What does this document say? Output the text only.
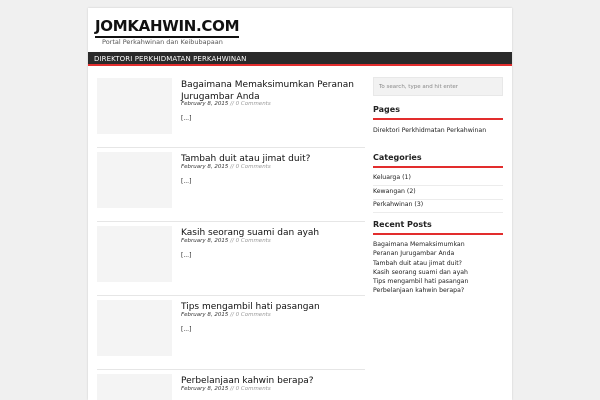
JOMKAHWIN.COM
Portal Perkahwinan dan Keibubapaan
DIREKTORI PERKHIDMATAN PERKAHWINAN
Bagaimana Memaksimumkan Peranan Jurugambar Anda
February 8, 2015 // 0 Comments
[...]
Tambah duit atau jimat duit?
February 8, 2015 // 0 Comments
[...]
Kasih seorang suami dan ayah
February 8, 2015 // 0 Comments
[...]
Tips mengambil hati pasangan
February 8, 2015 // 0 Comments
[...]
Perbelanjaan kahwin berapa?
February 8, 2015 // 0 Comments
To search, type and hit enter
Pages
Direktori Perkhidmatan Perkahwinan
Categories
Keluarga (1)
Kewangan (2)
Perkahwinan (3)
Recent Posts
Bagaimana Memaksimumkan Peranan Jurugambar Anda
Tambah duit atau jimat duit?
Kasih seorang suami dan ayah
Tips mengambil hati pasangan
Perbelanjaan kahwin berapa?
